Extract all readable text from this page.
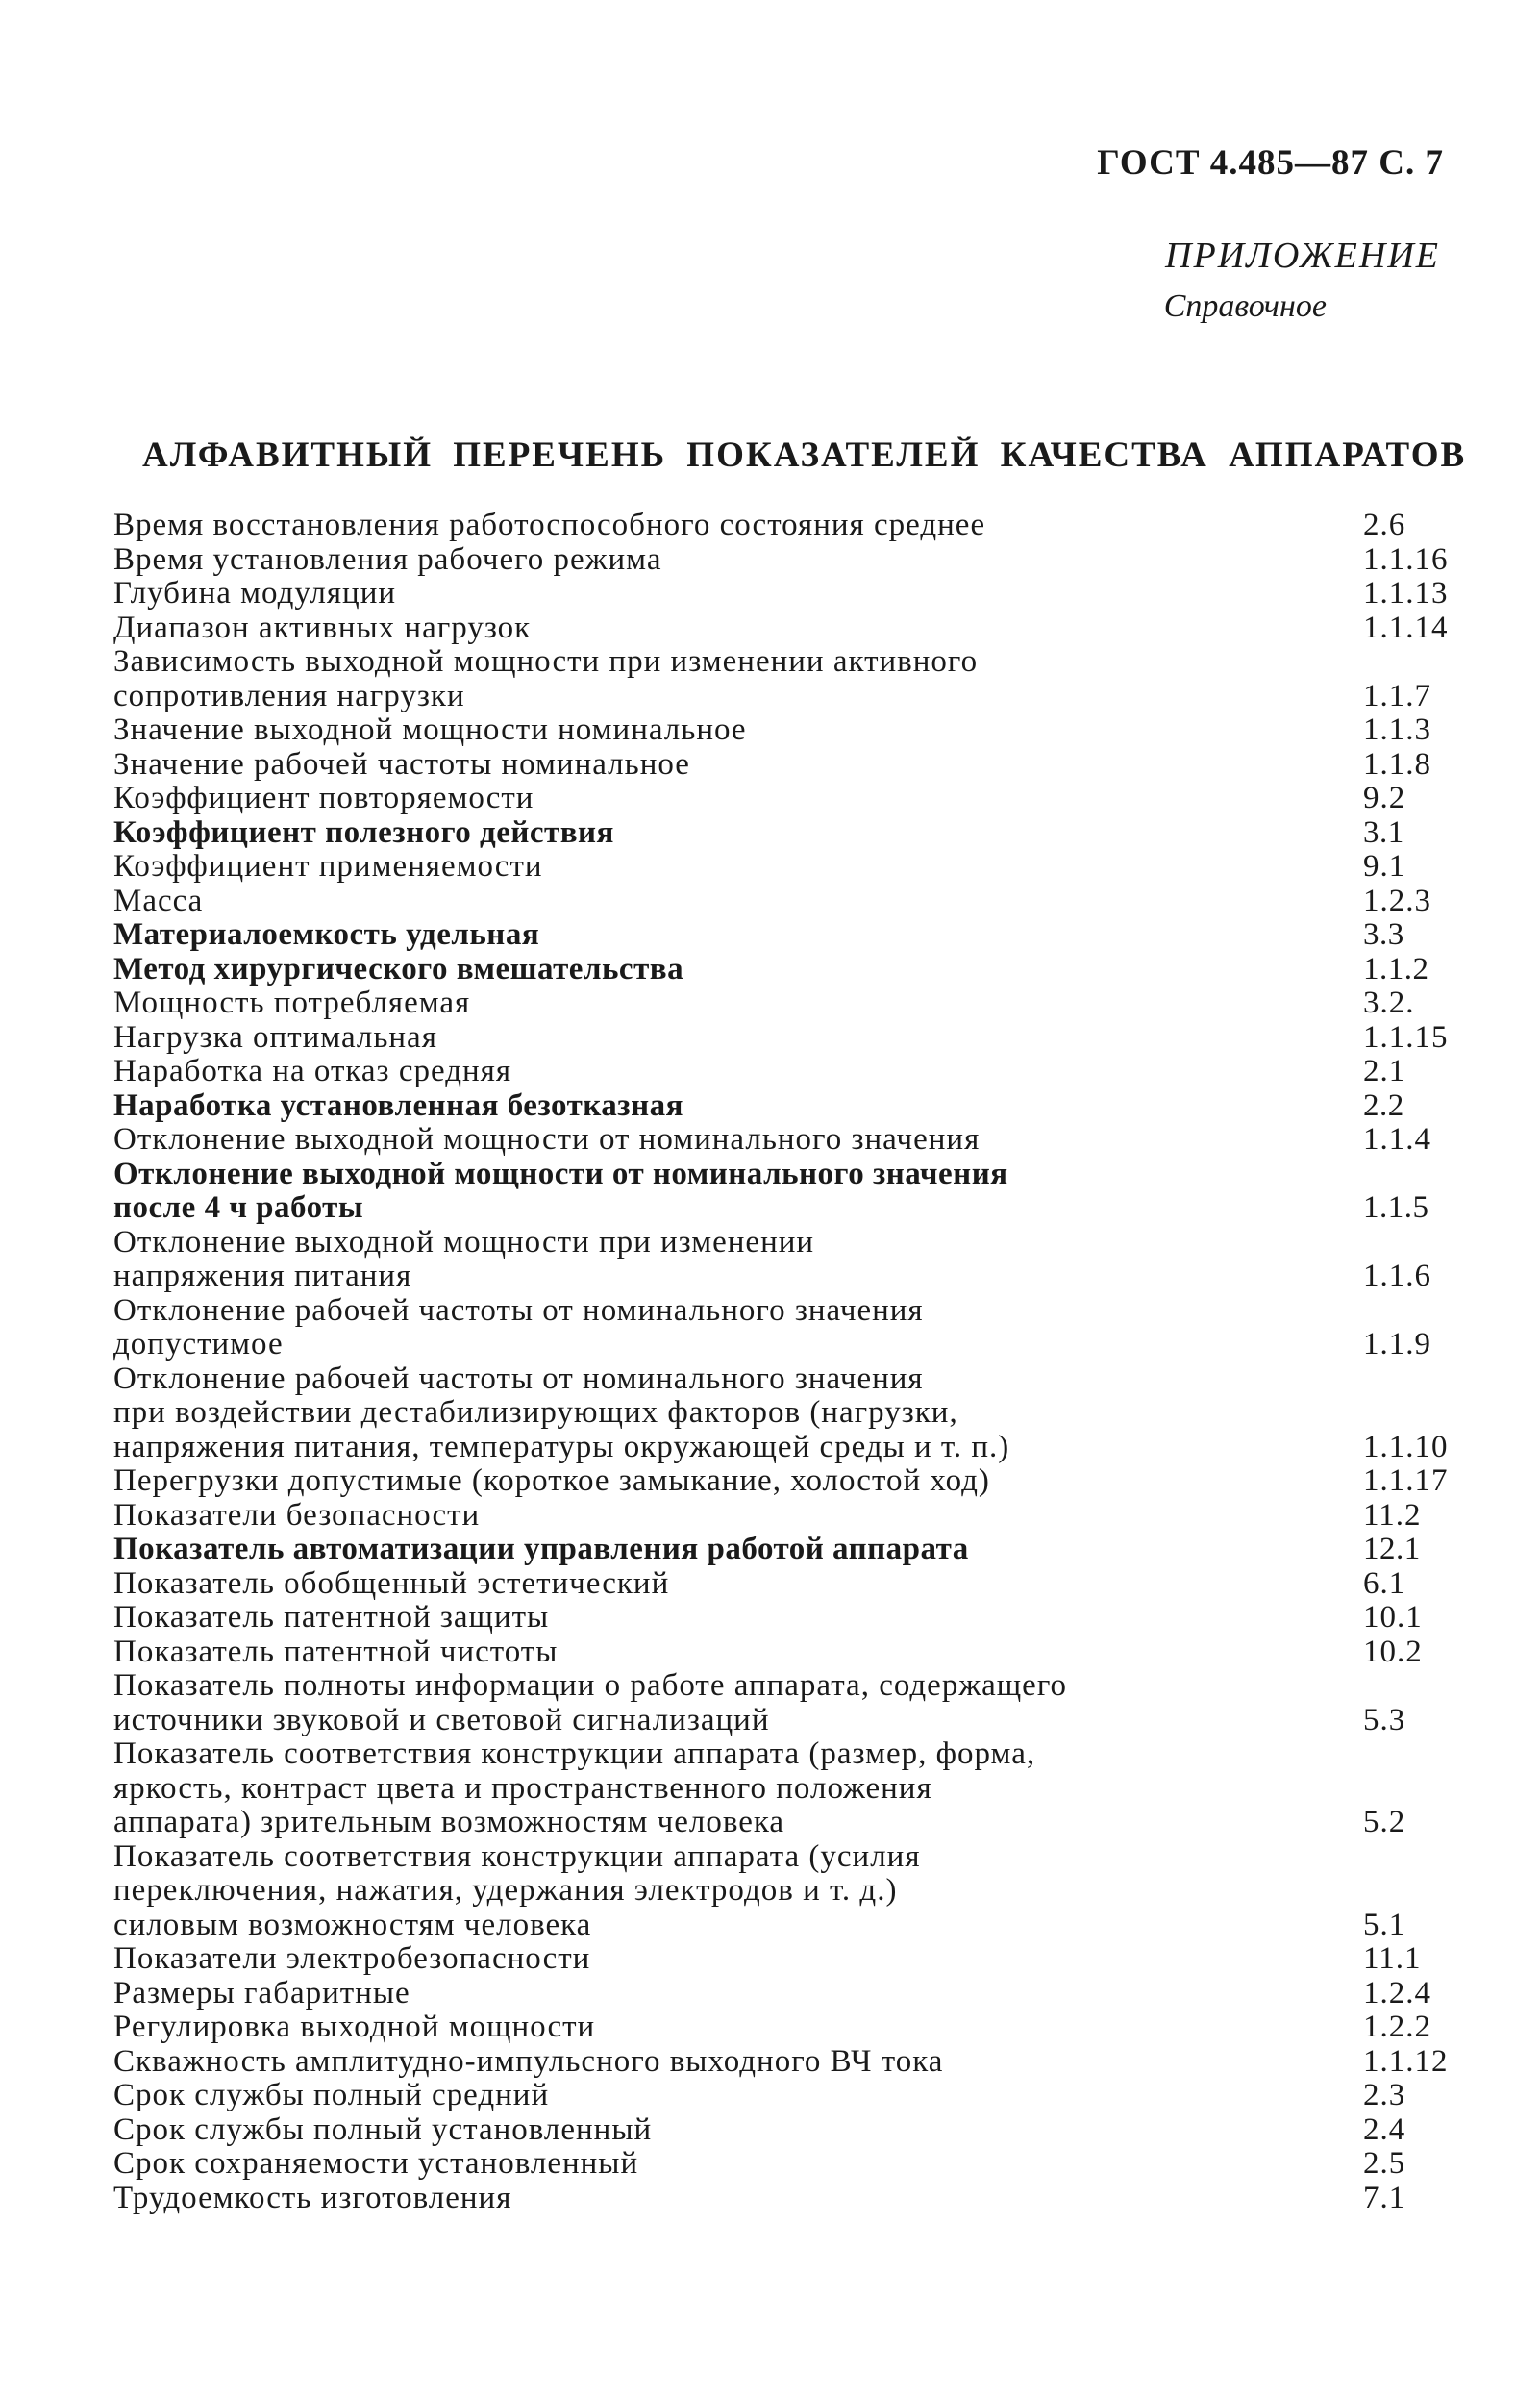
ГОСТ 4.485—87 С. 7
ПРИЛОЖЕНИЕ
Справочное
АЛФАВИТНЫЙ ПЕРЕЧЕНЬ ПОКАЗАТЕЛЕЙ КАЧЕСТВА АППАРАТОВ
Время восстановления работоспособного состояния среднее	2.6
Время установления рабочего режима	1.1.16
Глубина модуляции	1.1.13
Диапазон активных нагрузок	1.1.14
Зависимость выходной мощности при изменении активного
сопротивления нагрузки	1.1.7
Значение выходной мощности номинальное	1.1.3
Значение рабочей частоты номинальное	1.1.8
Коэффициент повторяемости	9.2
Коэффициент полезного действия	3.1
Коэффициент применяемости	9.1
Масса	1.2.3
Материалоемкость удельная	3.3
Метод хирургического вмешательства	1.1.2
Мощность потребляемая	3.2.
Нагрузка оптимальная	1.1.15
Наработка на отказ средняя	2.1
Наработка установленная безотказная	2.2
Отклонение выходной мощности от номинального значения	1.1.4
Отклонение выходной мощности от номинального значения
после 4 ч работы	1.1.5
Отклонение выходной мощности при изменении
напряжения питания	1.1.6
Отклонение рабочей частоты от номинального значения
допустимое	1.1.9
Отклонение рабочей частоты от номинального значения
при воздействии дестабилизирующих факторов (нагрузки,
напряжения питания, температуры окружающей среды и т. п.)	1.1.10
Перегрузки допустимые (короткое замыкание, холостой ход)	1.1.17
Показатели безопасности	11.2
Показатель автоматизации управления работой аппарата	12.1
Показатель обобщенный эстетический	6.1
Показатель патентной защиты	10.1
Показатель патентной чистоты	10.2
Показатель полноты информации о работе аппарата, содержащего
источники звуковой и световой сигнализаций	5.3
Показатель соответствия конструкции аппарата (размер, форма,
яркость, контраст цвета и пространственного положения
аппарата) зрительным возможностям человека	5.2
Показатель соответствия конструкции аппарата (усилия
переключения, нажатия, удержания электродов и т. д.)
силовым возможностям человека	5.1
Показатели электробезопасности	11.1
Размеры габаритные	1.2.4
Регулировка выходной мощности	1.2.2
Скважность амплитудно-импульсного выходного ВЧ тока	1.1.12
Срок службы полный средний	2.3
Срок службы полный установленный	2.4
Срок сохраняемости установленный	2.5
Трудоемкость изготовления	7.1
